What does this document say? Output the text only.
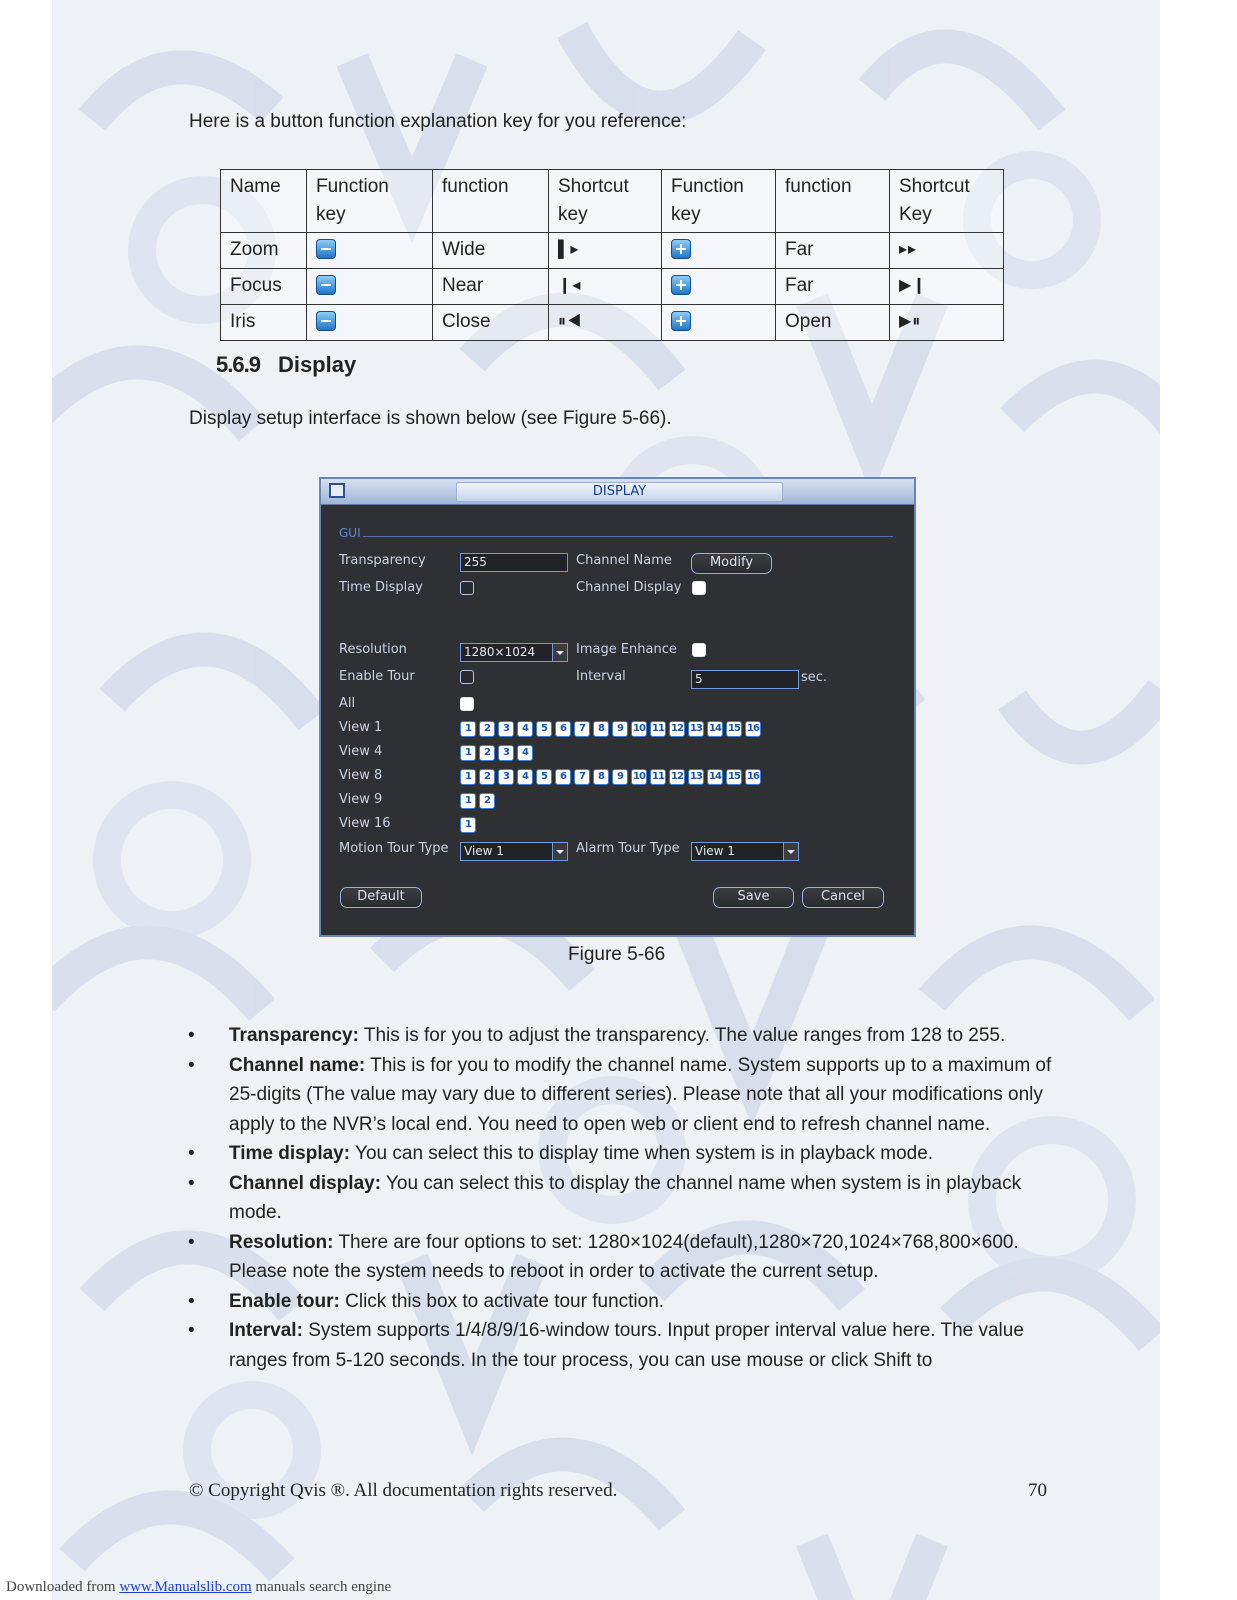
Here is a button function explanation key for you reference:
Name	Function key	function	Shortcut key	Function key	function	Shortcut Key
Zoom		Wide	▌▸		Far	▸▸
Focus		Near	❙◂		Far	▶❙
Iris		Close	⏸◀		Open	▶⏸
5.6.9 Display
Display setup interface is shown below (see Figure 5-66).
DISPLAY
GUI
Transparency	255	Channel Name	Modify
Time Display	Channel Display
Resolution	1280×1024	Image Enhance
Enable Tour	Interval	5	sec.
All
View 1	1	2	3	4	5	6	7	8	9	10 11 12 13 14 15 16
View 4	1	2	3	4
View 8	1	2	3	4	5	6	7	8	9	10 11 12 13 14 15 16
View 9	1	2
View 16	1
Motion Tour Type	View 1	Alarm Tour Type	View 1
Default	Save	Cancel
Figure 5-66
• Transparency: This is for you to adjust the transparency. The value ranges from 128 to 255.
• Channel name: This is for you to modify the channel name. System supports up to a maximum of 25-digits (The value may vary due to different series). Please note that all your modifications only apply to the NVR’s local end. You need to open web or client end to refresh channel name.
• Time display: You can select this to display time when system is in playback mode.
• Channel display: You can select this to display the channel name when system is in playback mode.
• Resolution: There are four options to set: 1280×1024(default),1280×720,1024×768,800×600. Please note the system needs to reboot in order to activate the current setup.
• Enable tour: Click this box to activate tour function.
• Interval: System supports 1/4/8/9/16-window tours. Input proper interval value here. The value ranges from 5-120 seconds. In the tour process, you can use mouse or click Shift to
© Copyright Qvis ®. All documentation rights reserved.	70
Downloaded from www.Manualslib.com manuals search engine
